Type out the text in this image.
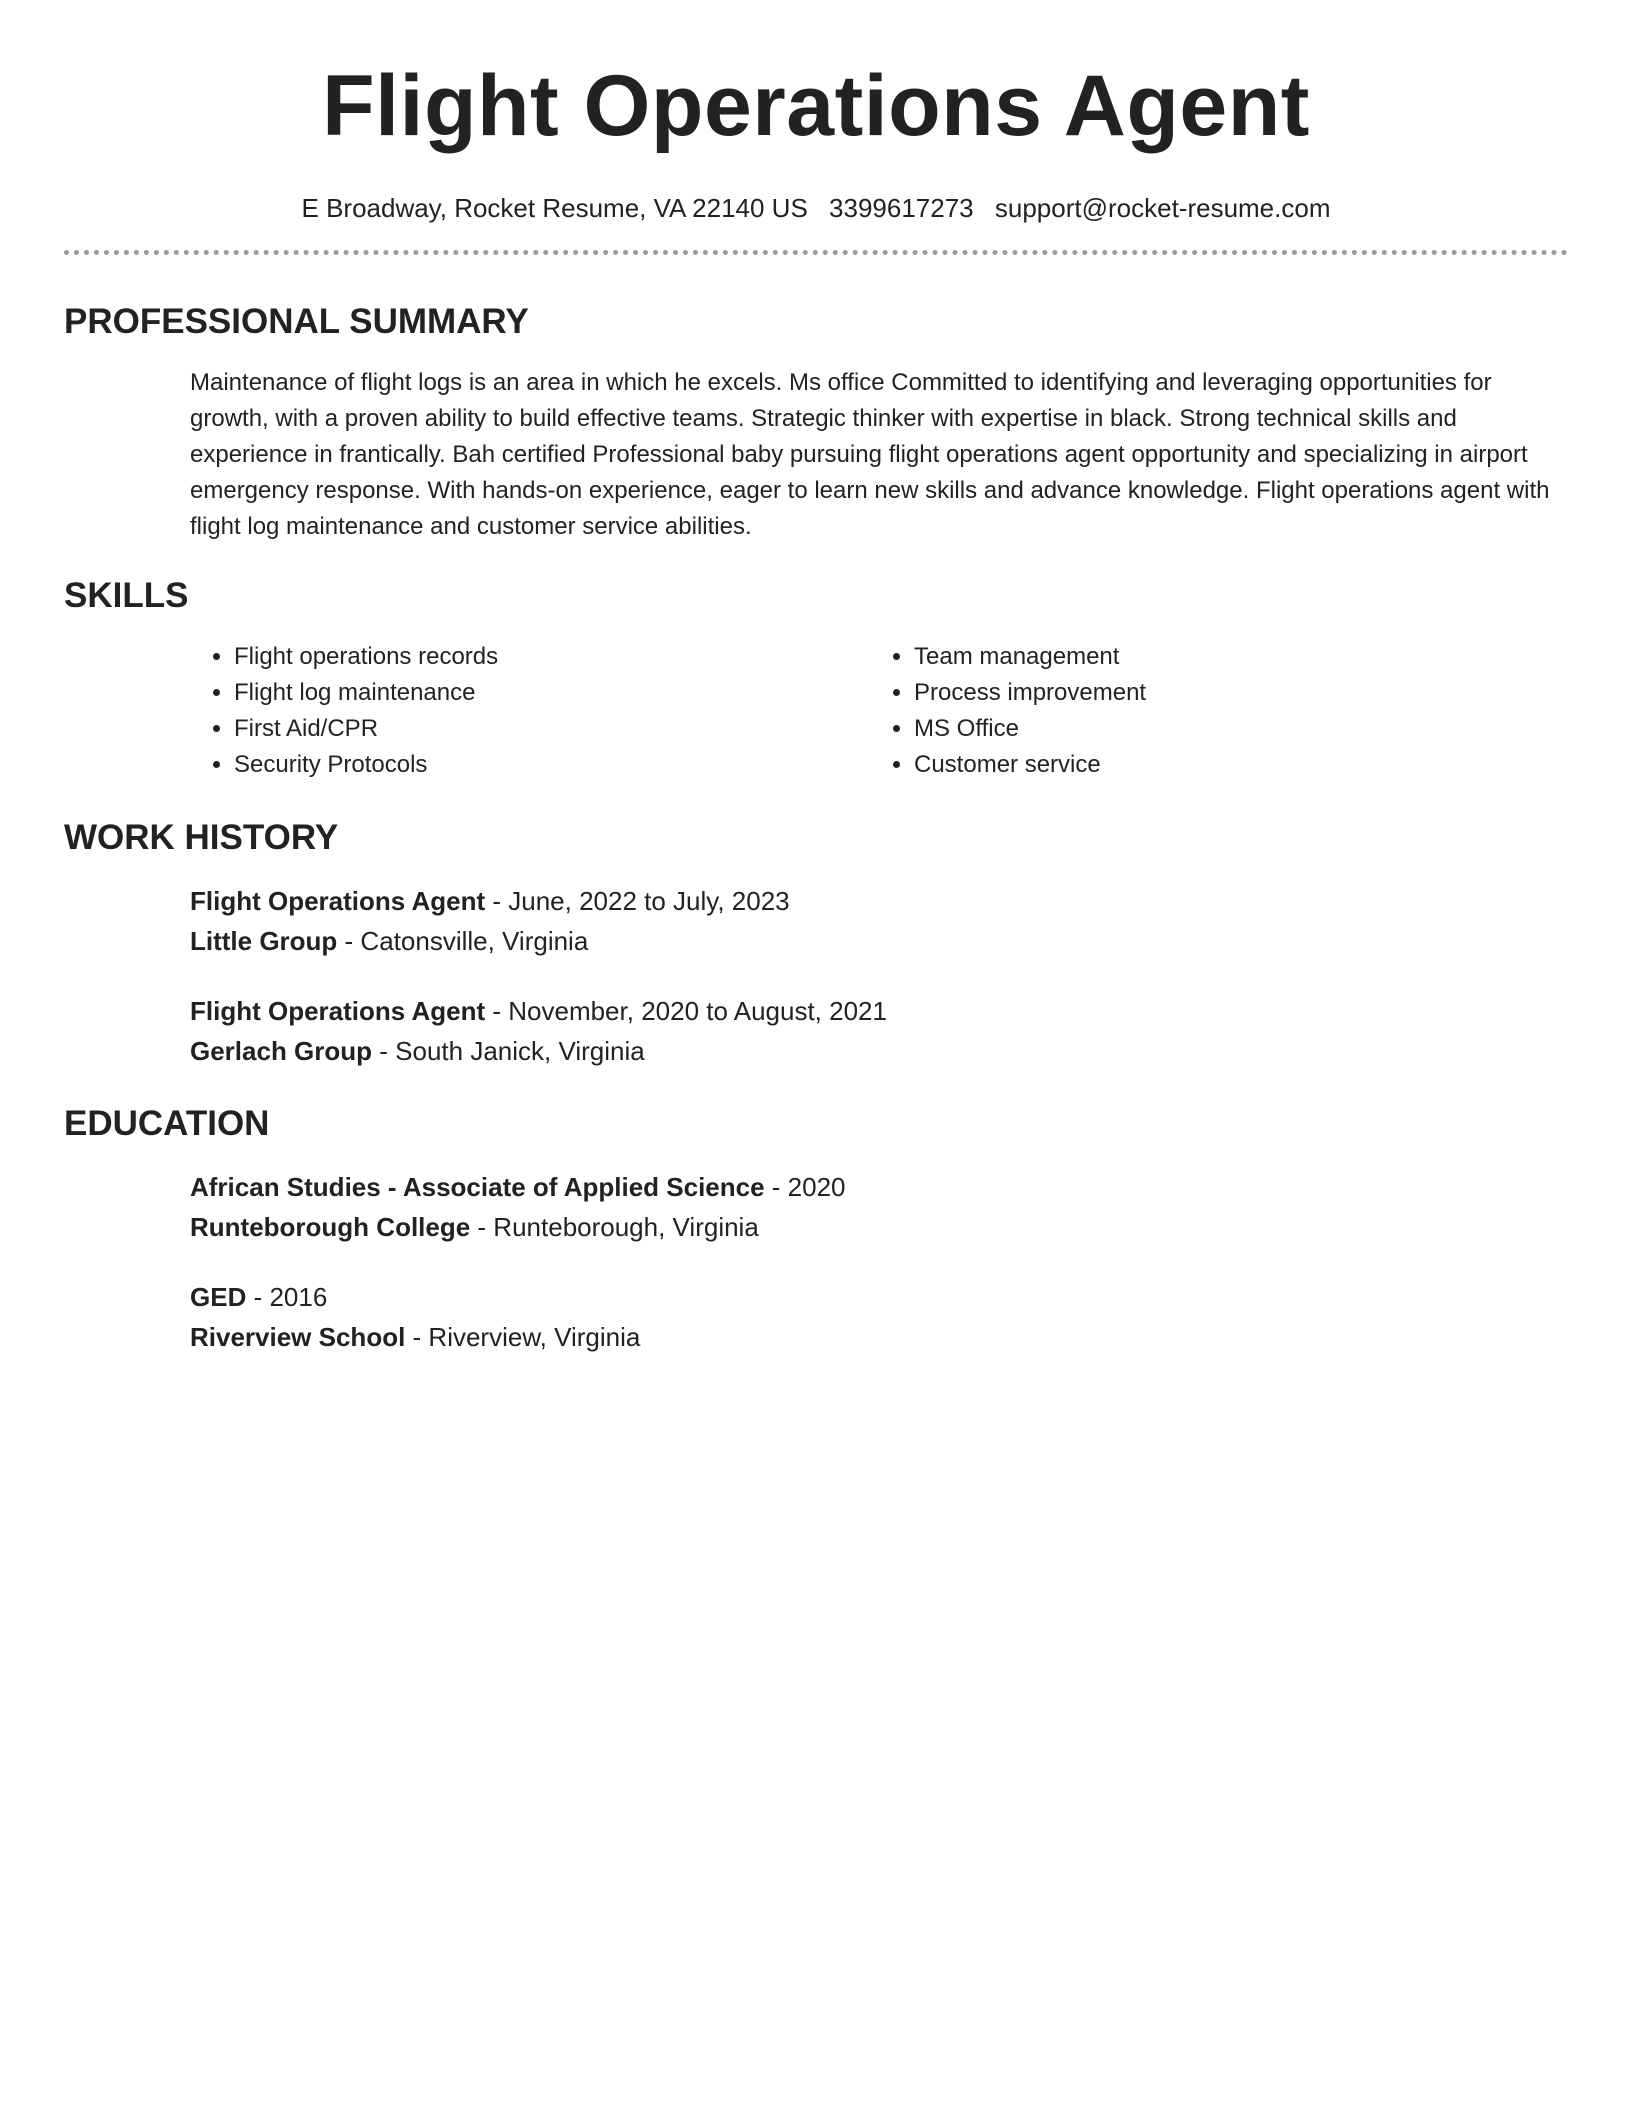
Flight Operations Agent
E Broadway, Rocket Resume, VA 22140 US 3399617273 support@rocket-resume.com
PROFESSIONAL SUMMARY

Maintenance of flight logs is an area in which he excels. Ms office Committed to identifying and leveraging opportunities for growth, with a proven ability to build effective teams. Strategic thinker with expertise in black. Strong technical skills and experience in frantically. Bah certified Professional baby pursuing flight operations agent opportunity and specializing in airport emergency response. With hands-on experience, eager to learn new skills and advance knowledge. Flight operations agent with flight log maintenance and customer service abilities.

SKILLS
• Flight operations records
• Flight log maintenance
• First Aid/CPR
• Security Protocols
• Team management
• Process improvement
• MS Office
• Customer service
WORK HISTORY
Flight Operations Agent - June, 2022 to July, 2023
Little Group - Catonsville, Virginia
Flight Operations Agent - November, 2020 to August, 2021
Gerlach Group - South Janick, Virginia
EDUCATION
African Studies - Associate of Applied Science - 2020
Runteborough College - Runteborough, Virginia
GED - 2016
Riverview School - Riverview, Virginia
